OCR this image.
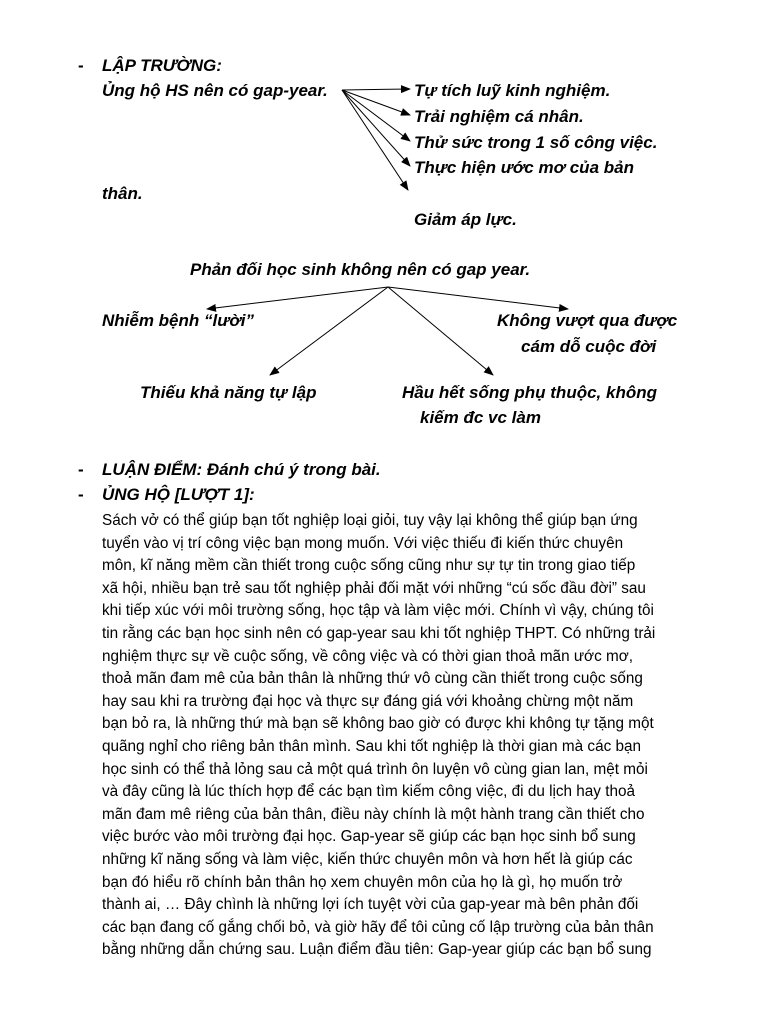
- LẬP TRƯỜNG:
Ủng hộ HS nên có gap-year.	Tự tích luỹ kinh nghiệm.
Trải nghiệm cá nhân.
Thử sức trong 1 số công việc.
Thực hiện ước mơ của bản
thân.
Giảm áp lực.
Phản đối học sinh không nên có gap year.
Nhiễm bệnh “lười”	Không vượt qua được
cám dỗ cuộc đời
Thiếu khả năng tự lập	Hầu hết sống phụ thuộc, không
kiếm đc vc làm
- LUẬN ĐIỂM: Đánh chú ý trong bài.
- ỦNG HỘ [LƯỢT 1]:
Sách vở có thể giúp bạn tốt nghiệp loại giỏi, tuy vậy lại không thể giúp bạn ứng
tuyển vào vị trí công việc bạn mong muốn. Với việc thiếu đi kiến thức chuyên
môn, kĩ năng mềm cần thiết trong cuộc sống cũng như sự tự tin trong giao tiếp
xã hội, nhiều bạn trẻ sau tốt nghiệp phải đối mặt với những “cú sốc đầu đời” sau
khi tiếp xúc với môi trường sống, học tập và làm việc mới. Chính vì vậy, chúng tôi
tin rằng các bạn học sinh nên có gap-year sau khi tốt nghiệp THPT. Có những trải
nghiệm thực sự về cuộc sống, về công việc và có thời gian thoả mãn ước mơ,
thoả mãn đam mê của bản thân là những thứ vô cùng cần thiết trong cuộc sống
hay sau khi ra trường đại học và thực sự đáng giá với khoảng chừng một năm
bạn bỏ ra, là những thứ mà bạn sẽ không bao giờ có được khi không tự tặng một
quãng nghỉ cho riêng bản thân mình. Sau khi tốt nghiệp là thời gian mà các bạn
học sinh có thể thả lỏng sau cả một quá trình ôn luyện vô cùng gian lan, mệt mỏi
và đây cũng là lúc thích hợp để các bạn tìm kiếm công việc, đi du lịch hay thoả
mãn đam mê riêng của bản thân, điều này chính là một hành trang cần thiết cho
việc bước vào môi trường đại học. Gap-year sẽ giúp các bạn học sinh bổ sung
những kĩ năng sống và làm việc, kiến thức chuyên môn và hơn hết là giúp các
bạn đó hiểu rõ chính bản thân họ xem chuyên môn của họ là gì, họ muốn trở
thành ai, … Đây chình là những lợi ích tuyệt vời của gap-year mà bên phản đối
các bạn đang cố gắng chối bỏ, và giờ hãy để tôi củng cố lập trường của bản thân
bằng những dẫn chứng sau. Luận điểm đầu tiên: Gap-year giúp các bạn bổ sung
